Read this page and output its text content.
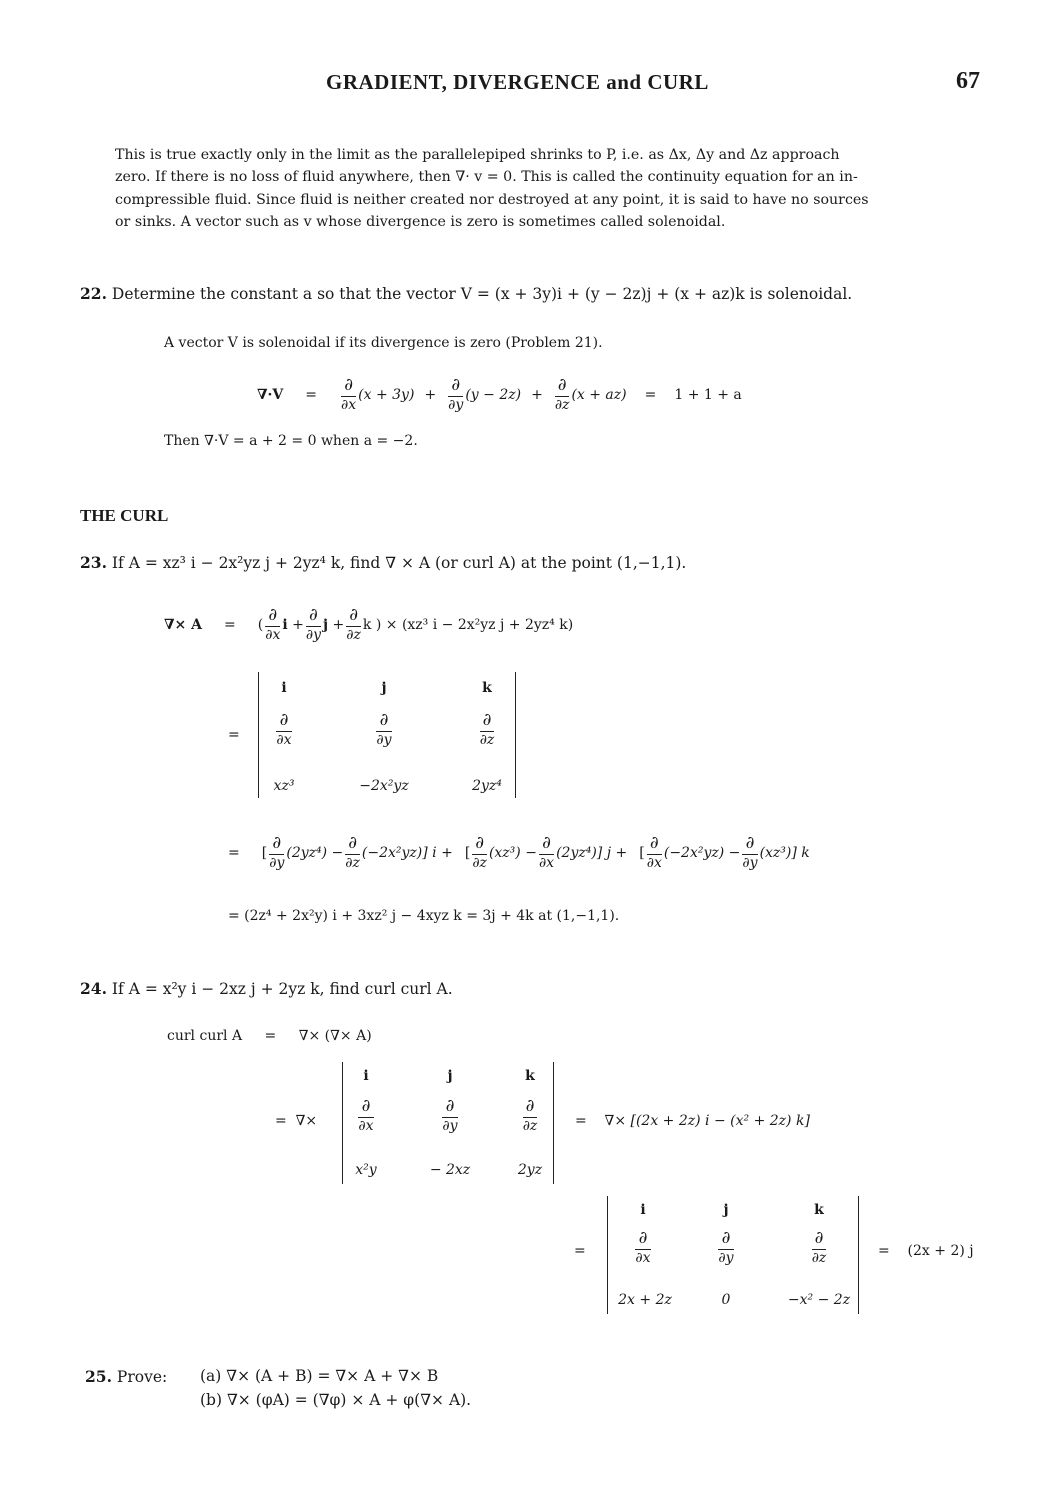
GRADIENT, DIVERGENCE and CURL	67
This is true exactly only in the limit as the parallelepiped shrinks to P, i.e. as Δx, Δy and Δz approach
zero. If there is no loss of fluid anywhere, then ∇· v = 0. This is called the continuity equation for an in-
compressible fluid. Since fluid is neither created nor destroyed at any point, it is said to have no sources
or sinks. A vector such as v whose divergence is zero is sometimes called solenoidal.
22. Determine the constant a so that the vector V = (x + 3y)i + (y − 2z)j + (x + az)k is solenoidal.
A vector V is solenoidal if its divergence is zero (Problem 21).
$\nabla\cdot V = \frac{\partial}{\partial x} (x + 3y) + \frac{\partial}{\partial y} (y - 2z) + \frac{\partial}{\partial z} (x + az) = 1 + 1 + a$
Then ∇·V = a + 2 = 0 when a = −2.
THE CURL
23. If A = xz³ i − 2x²yz j + 2yz⁴ k, find ∇ × A (or curl A) at the point (1,−1,1).
∇× A = ( $\frac{\partial}{\partial x}$ $i + \frac{\partial}{\partial y}$ $j + \frac{\partial}{\partial z}$ k ) × (xz³ i − 2x²yz j + 2yz⁴ k)
=
i	j	k
$\frac{\partial}{\partial x}$	$\frac{\partial}{\partial y}$	$\frac{\partial}{\partial z}$
xz³	−2x²yz	2yz⁴
= [ $\frac{\partial}{\partial y} (2yz^4) - \frac{\partial}{\partial z} (-2x^2yz)$] i + [ $\frac{\partial}{\partial z} (xz^3) - \frac{\partial}{\partial x} (2yz^4)$] j + [ $\frac{\partial}{\partial x} (-2x^2yz) - \frac{\partial}{\partial y} (xz^3)$] k
= (2z⁴ + 2x²y) i + 3xz² j − 4xyz k = 3j + 4k at (1,−1,1).
24. If A = x²y i − 2xz j + 2yz k, find curl curl A.
curl curl A = ∇× (∇× A)
=  ∇×
i	j	k
$\frac{\partial}{\partial x}$	$\frac{\partial}{\partial y}$	$\frac{\partial}{\partial z}$
x²y	− 2xz	2yz
= ∇× [(2x + 2z) i − (x² + 2z) k]
=
i	j	k
$\frac{\partial}{\partial x}$	$\frac{\partial}{\partial y}$	$\frac{\partial}{\partial z}$
2x + 2z	0	−x² − 2z
= (2x + 2) j
25. Prove: (a) ∇× (A + B) = ∇× A + ∇× B
(b) ∇× (φA) = (∇φ) × A + φ(∇× A).
